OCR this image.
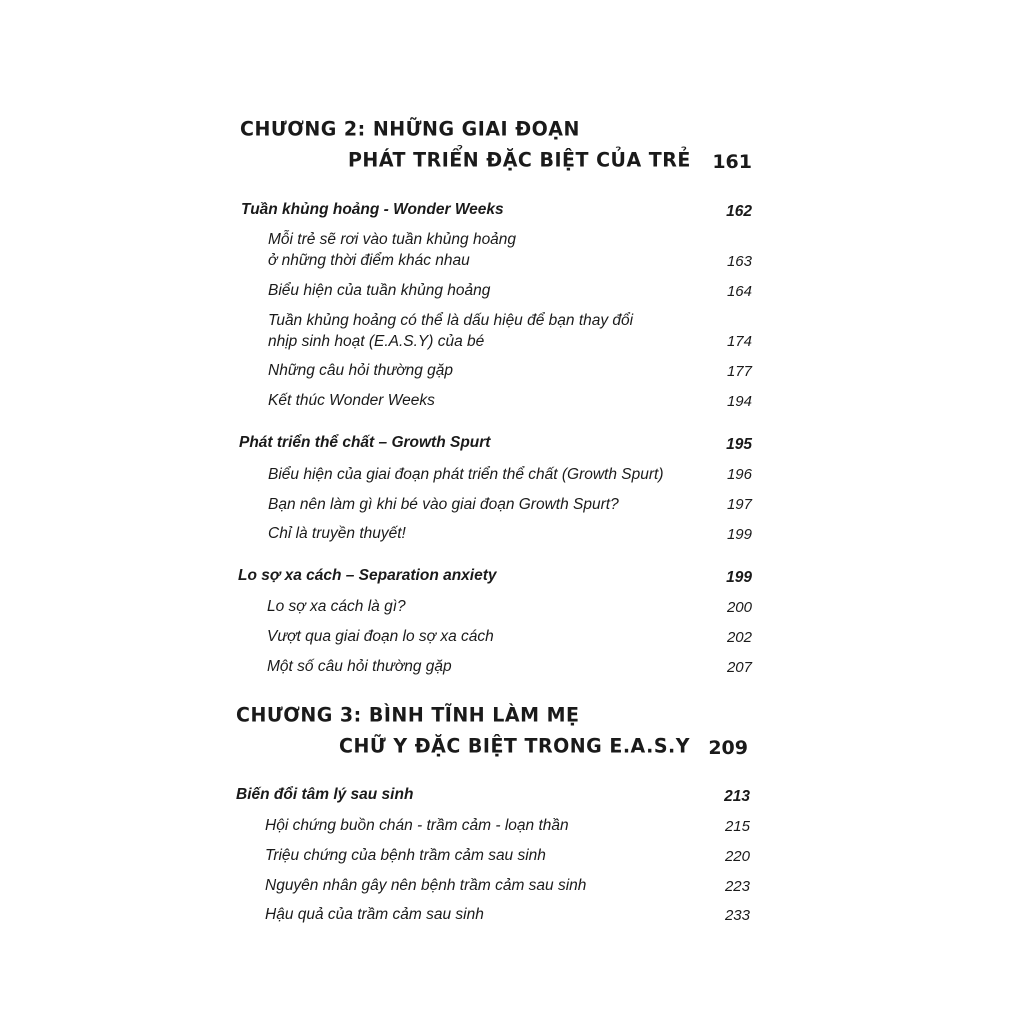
CHƯƠNG 2: NHỮNG GIAI ĐOẠN
PHÁT TRIỂN ĐẶC BIỆT CỦA TRẺ	161
Tuần khủng hoảng - Wonder Weeks	162
Mỗi trẻ sẽ rơi vào tuần khủng hoảng
ở những thời điểm khác nhau	163
Biểu hiện của tuần khủng hoảng	164
Tuần khủng hoảng có thể là dấu hiệu để bạn thay đổi
nhịp sinh hoạt (E.A.S.Y) của bé	174
Những câu hỏi thường gặp	177
Kết thúc Wonder Weeks	194
Phát triển thể chất – Growth Spurt	195
Biểu hiện của giai đoạn phát triển thể chất (Growth Spurt)	196
Bạn nên làm gì khi bé vào giai đoạn Growth Spurt?	197
Chỉ là truyền thuyết!	199
Lo sợ xa cách – Separation anxiety	199
Lo sợ xa cách là gì?	200
Vượt qua giai đoạn lo sợ xa cách	202
Một số câu hỏi thường gặp	207
CHƯƠNG 3: BÌNH TĨNH LÀM MẸ
CHỮ Y ĐẶC BIỆT TRONG E.A.S.Y 209
Biến đổi tâm lý sau sinh	213
Hội chứng buồn chán - trầm cảm - loạn thần	215
Triệu chứng của bệnh trầm cảm sau sinh	220
Nguyên nhân gây nên bệnh trầm cảm sau sinh	223
Hậu quả của trầm cảm sau sinh	233
